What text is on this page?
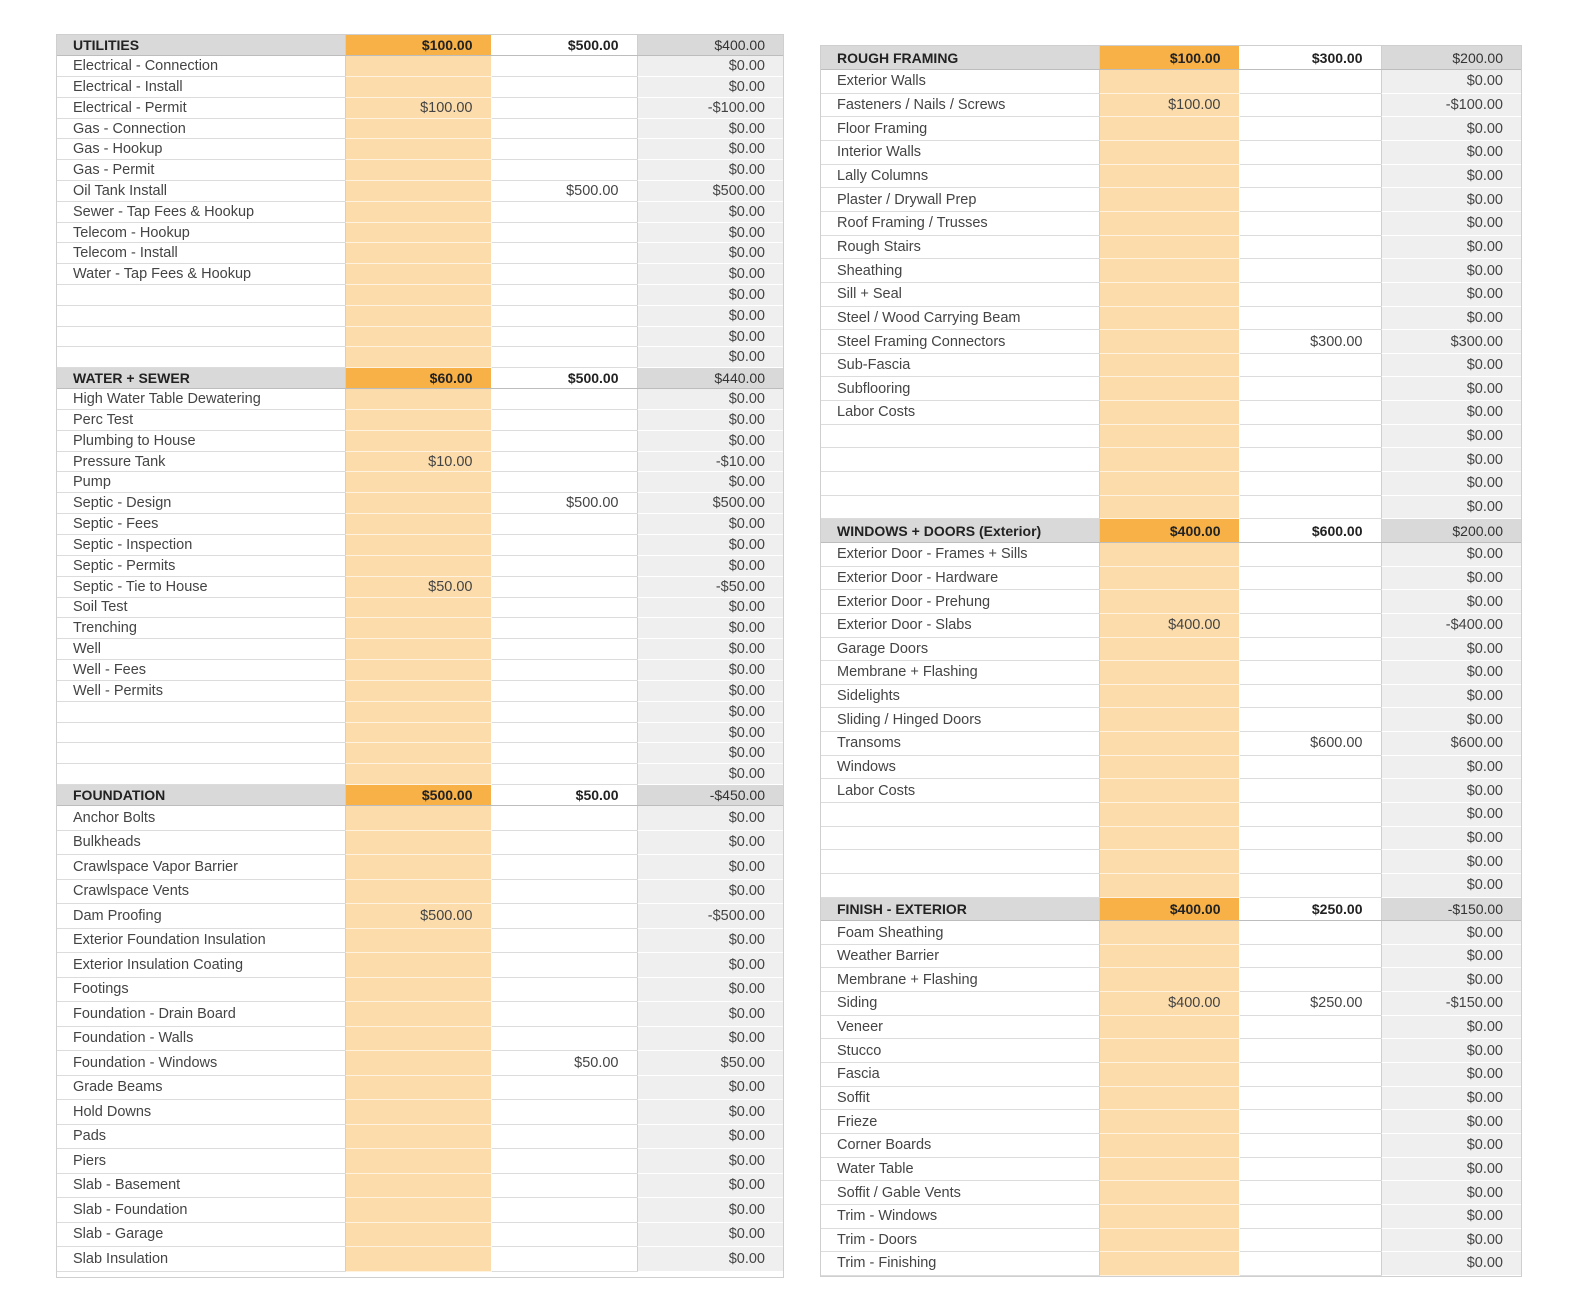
UTILITIES	$100.00	$500.00	$400.00
Electrical - Connection			$0.00
Electrical - Install			$0.00
Electrical - Permit	$100.00		-$100.00
Gas - Connection			$0.00
Gas - Hookup			$0.00
Gas - Permit			$0.00
Oil Tank Install		$500.00	$500.00
Sewer - Tap Fees & Hookup			$0.00
Telecom - Hookup			$0.00
Telecom - Install			$0.00
Water - Tap Fees & Hookup			$0.00
			$0.00
			$0.00
			$0.00
			$0.00
WATER + SEWER	$60.00	$500.00	$440.00
High Water Table Dewatering			$0.00
Perc Test			$0.00
Plumbing to House			$0.00
Pressure Tank	$10.00		-$10.00
Pump			$0.00
Septic - Design		$500.00	$500.00
Septic - Fees			$0.00
Septic - Inspection			$0.00
Septic - Permits			$0.00
Septic - Tie to House	$50.00		-$50.00
Soil Test			$0.00
Trenching			$0.00
Well			$0.00
Well - Fees			$0.00
Well - Permits			$0.00
			$0.00
			$0.00
			$0.00
			$0.00
FOUNDATION	$500.00	$50.00	-$450.00
Anchor Bolts			$0.00
Bulkheads			$0.00
Crawlspace Vapor Barrier			$0.00
Crawlspace Vents			$0.00
Dam Proofing	$500.00		-$500.00
Exterior Foundation Insulation			$0.00
Exterior Insulation Coating			$0.00
Footings			$0.00
Foundation - Drain Board			$0.00
Foundation - Walls			$0.00
Foundation - Windows		$50.00	$50.00
Grade Beams			$0.00
Hold Downs			$0.00
Pads			$0.00
Piers			$0.00
Slab - Basement			$0.00
Slab - Foundation			$0.00
Slab - Garage			$0.00
Slab Insulation			$0.00
ROUGH FRAMING	$100.00	$300.00	$200.00
Exterior Walls			$0.00
Fasteners / Nails / Screws	$100.00		-$100.00
Floor Framing			$0.00
Interior Walls			$0.00
Lally Columns			$0.00
Plaster / Drywall Prep			$0.00
Roof Framing / Trusses			$0.00
Rough Stairs			$0.00
Sheathing			$0.00
Sill + Seal			$0.00
Steel / Wood Carrying Beam			$0.00
Steel Framing Connectors		$300.00	$300.00
Sub-Fascia			$0.00
Subflooring			$0.00
Labor Costs			$0.00
			$0.00
			$0.00
			$0.00
			$0.00
WINDOWS + DOORS (Exterior)	$400.00	$600.00	$200.00
Exterior Door - Frames + Sills			$0.00
Exterior Door - Hardware			$0.00
Exterior Door - Prehung			$0.00
Exterior Door - Slabs	$400.00		-$400.00
Garage Doors			$0.00
Membrane + Flashing			$0.00
Sidelights			$0.00
Sliding / Hinged Doors			$0.00
Transoms		$600.00	$600.00
Windows			$0.00
Labor Costs			$0.00
			$0.00
			$0.00
			$0.00
			$0.00
FINISH - EXTERIOR	$400.00	$250.00	-$150.00
Foam Sheathing			$0.00
Weather Barrier			$0.00
Membrane + Flashing			$0.00
Siding	$400.00	$250.00	-$150.00
Veneer			$0.00
Stucco			$0.00
Fascia			$0.00
Soffit			$0.00
Frieze			$0.00
Corner Boards			$0.00
Water Table			$0.00
Soffit / Gable Vents			$0.00
Trim - Windows			$0.00
Trim - Doors			$0.00
Trim - Finishing			$0.00
